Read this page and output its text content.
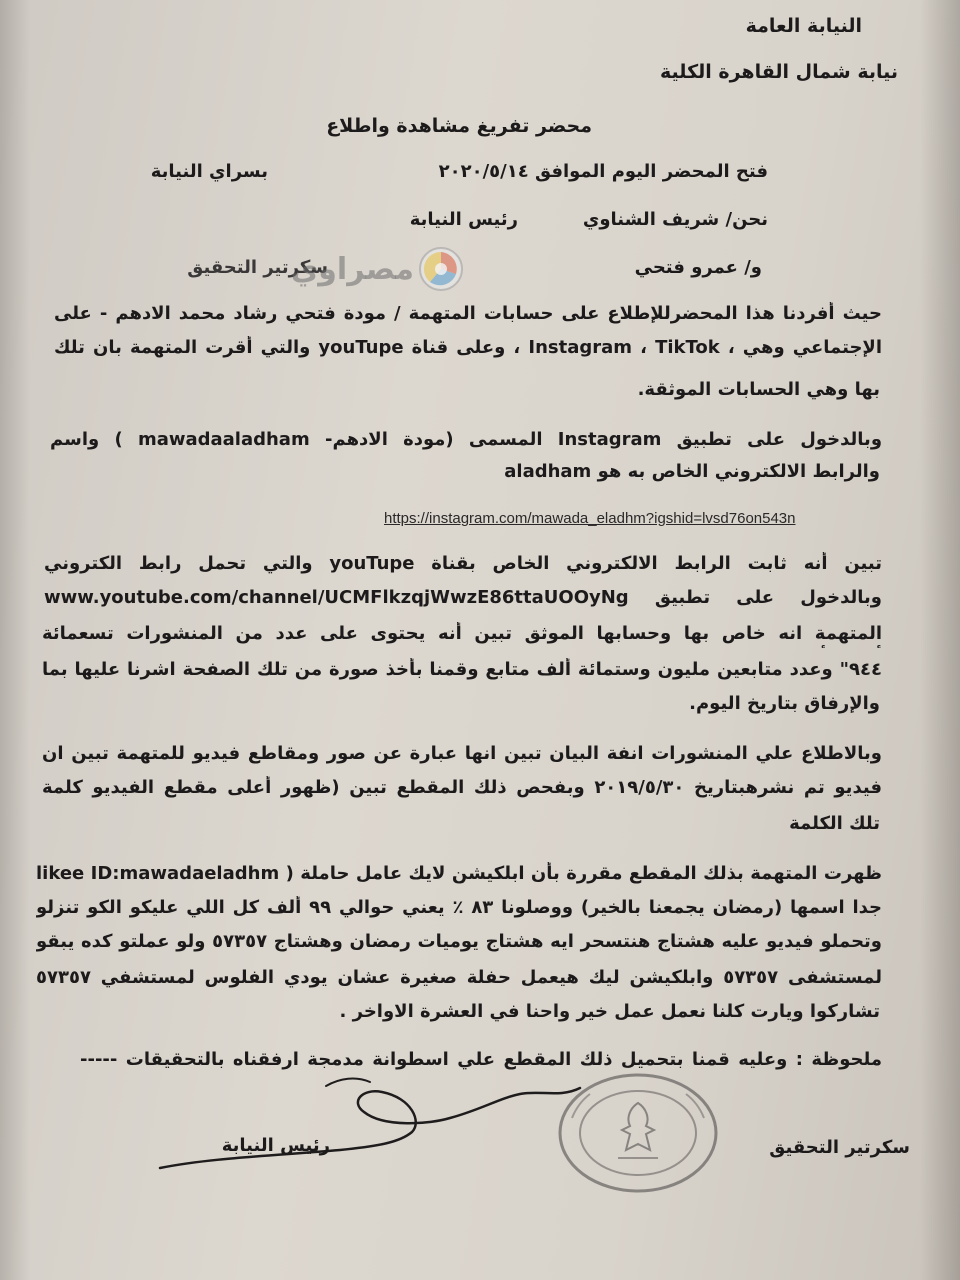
النيابة العامة
نيابة شمال القاهرة الكلية
محضر تفريغ مشاهدة واطلاع
فتح المحضر اليوم الموافق ٢٠٢٠/٥/١٤
بسراي النيابة
نحن/ شريف الشناوي
رئيس النيابة
و/ عمرو فتحي
سكرتير التحقيق
مصراوي
حيث أفردنا هذا المحضرللإطلاع على حسابات المتهمة / مودة فتحي رشاد محمد الادهم - على
الإجتماعي وهي ، Instagram ، TikTok ، وعلى قناة youTupe والتي أقرت المتهمة بان تلك
بها وهي الحسابات الموثقة.
وبالدخول على تطبيق Instagram المسمى (مودة الادهم- mawadaaladham ) واسم
aladham والرابط الالكتروني الخاص به هو
https://instagram.com/mawada_eladhm?igshid=lvsd76on543n
تبين أنه ثابت الرابط الالكتروني الخاص بقناة youTupe والتي تحمل رابط الكتروني
www.youtube.com/channel/UCMFlkzqjWwzE86ttaUOOyNg وبالدخول على تطبيق
المتهمة انه خاص بها وحسابها الموثق تبين أنه يحتوى على عدد من المنشورات تسعمائة
٩٤٤" وعدد متابعين مليون وستمائة ألف متابع وقمنا بأخذ صورة من تلك الصفحة اشرنا عليها بما
والإرفاق بتاريخ اليوم.
وبالاطلاع علي المنشورات انفة البيان تبين انها عبارة عن صور ومقاطع فيديو للمتهمة تبين ان
فيديو تم نشرهبتاريخ ٢٠١٩/٥/٣٠ وبفحص ذلك المقطع تبين (ظهور أعلى مقطع الفيديو كلمة
تلك الكلمة
likee ID:mawadaeladhm ) ظهرت المتهمة بذلك المقطع مقررة بأن ابلكيشن لايك عامل حاملة
جدا اسمها (رمضان يجمعنا بالخير) ووصلونا ٨٣ ٪ يعني حوالي ٩٩ ألف كل اللي عليكو الكو تنزلو
وتحملو فيديو عليه هشتاج هنتسحر ايه هشتاج يوميات رمضان وهشتاج ٥٧٣٥٧ ولو عملتو كده يبقو
لمستشفى ٥٧٣٥٧ وابلكيشن ليك هيعمل حفلة صغيرة عشان يودي الفلوس لمستشفي ٥٧٣٥٧
تشاركوا ويارت كلنا نعمل عمل خير واحنا في العشرة الاواخر .
ملحوظة : وعليه قمنا بتحميل ذلك المقطع علي اسطوانة مدمجة ارفقناه بالتحقيقات -----
رئيس النيابة	سكرتير التحقيق
